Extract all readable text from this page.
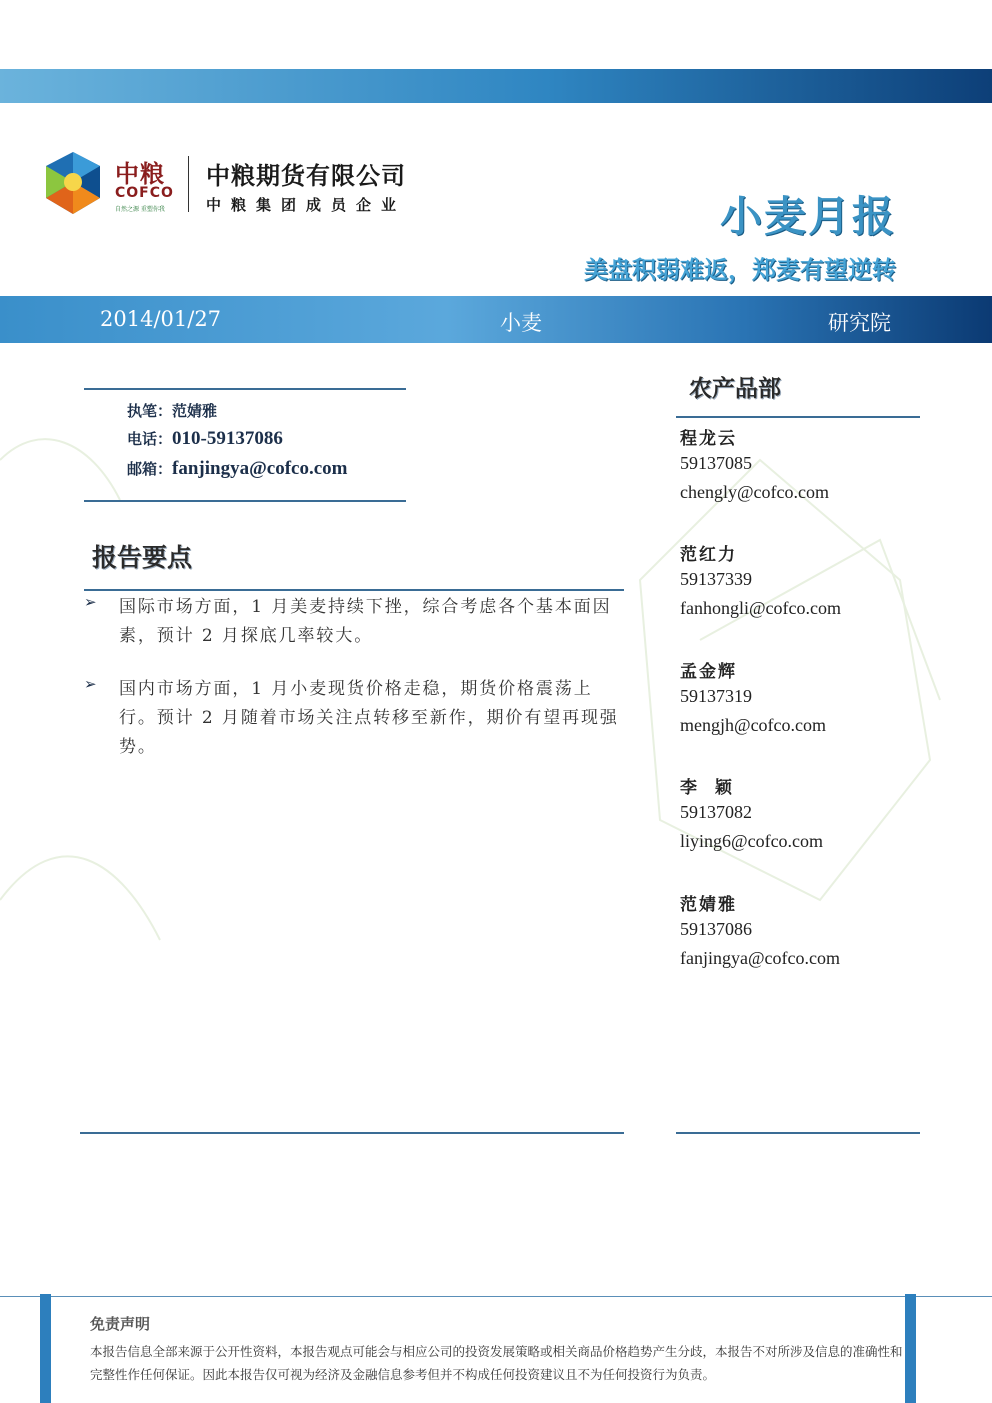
中粮
COFCO
自然之源 重塑你我
中粮期货有限公司
中粮集团成员企业	小麦月报
美盘积弱难返，郑麦有望逆转
2014/01/27	小麦	研究院
执笔：范婧雅
电话：010-59137086
邮箱：fanjingya@cofco.com
报告要点
➢ 国际市场方面，1 月美麦持续下挫，综合考虑各个基本面因素，预计 2 月探底几率较大。
➢ 国内市场方面，1 月小麦现货价格走稳，期货价格震荡上行。预计 2 月随着市场关注点转移至新作，期价有望再现强势。
农产品部
程龙云
59137085
chengly@cofco.com
范红力
59137339
fanhongli@cofco.com
孟金辉
59137319
mengjh@cofco.com
李  颖
59137082
liying6@cofco.com
范婧雅
59137086
fanjingya@cofco.com
免责声明
本报告信息全部来源于公开性资料，本报告观点可能会与相应公司的投资发展策略或相关商品价格趋势产生分歧，本报告不对所涉及信息的准确性和完整性作任何保证。因此本报告仅可视为经济及金融信息参考但并不构成任何投资建议且不为任何投资行为负责。
